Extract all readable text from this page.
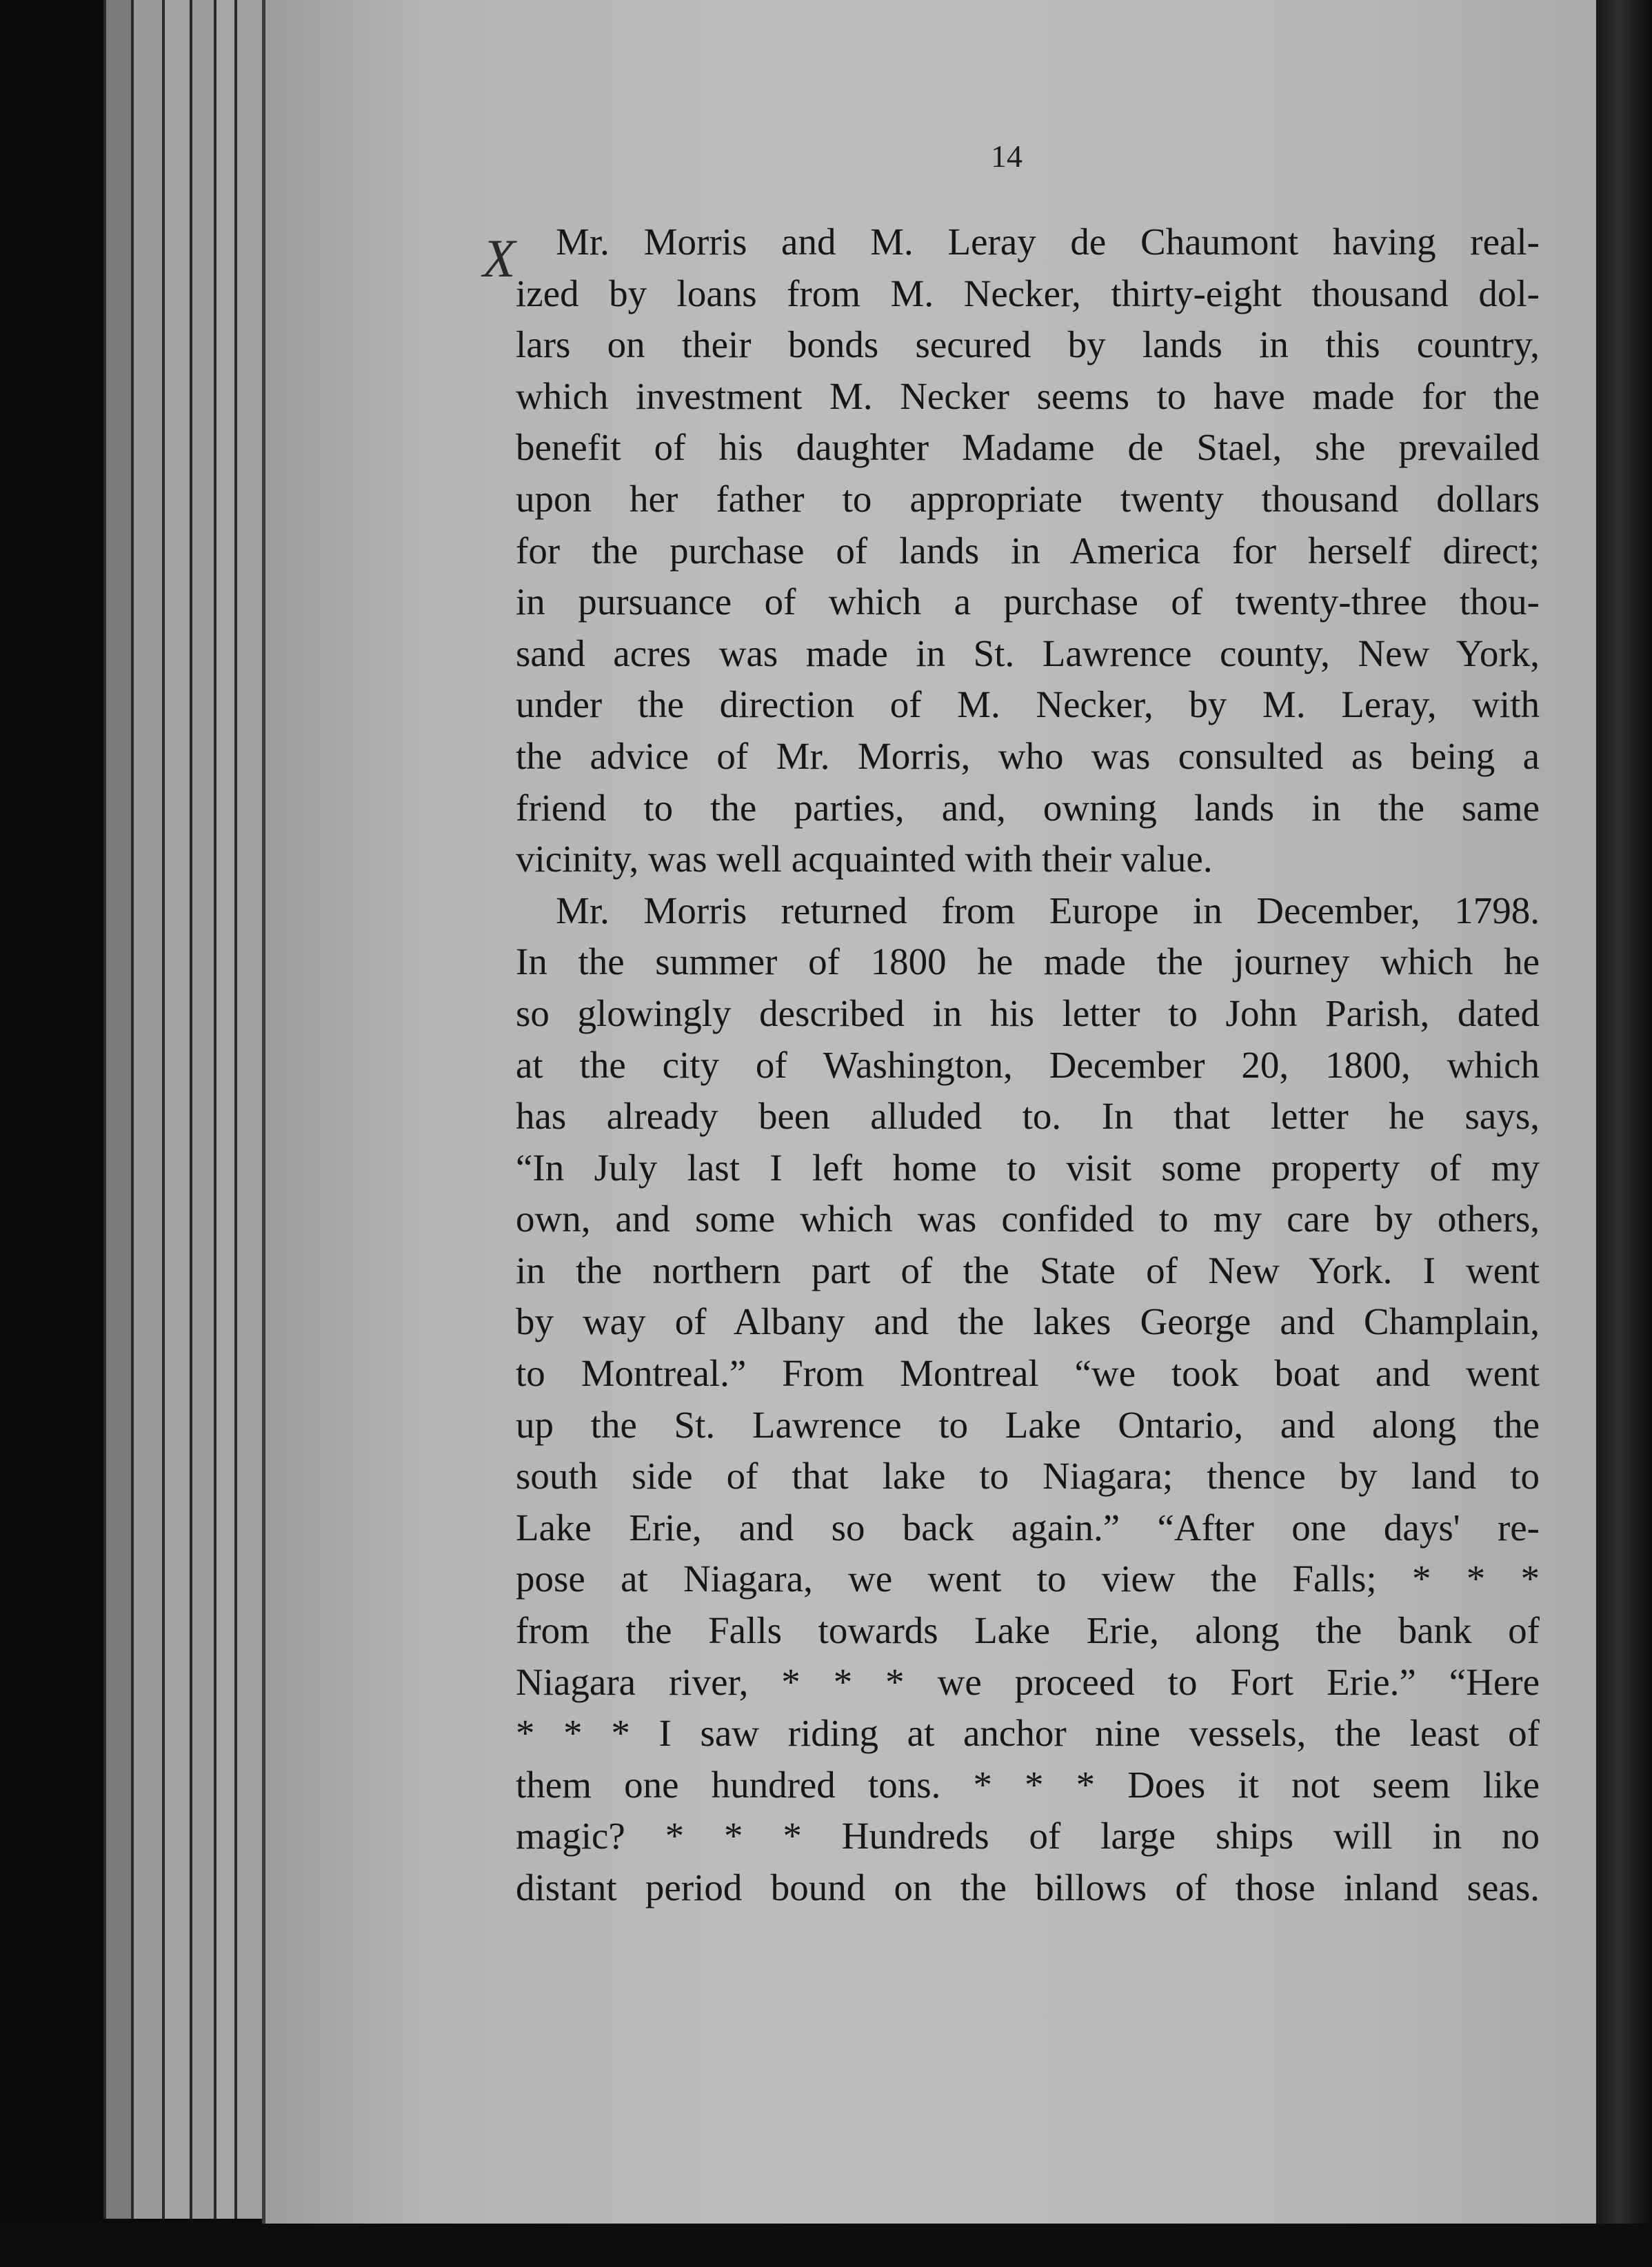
14
X	Mr. Morris and M. Leray de Chaumont having real-
ized by loans from M. Necker, thirty-eight thousand dol-
lars on their bonds secured by lands in this country,
which investment M. Necker seems to have made for the
benefit of his daughter Madame de Stael, she prevailed
upon her father to appropriate twenty thousand dollars
for the purchase of lands in America for herself direct;
in pursuance of which a purchase of twenty-three thou-
sand acres was made in St. Lawrence county, New York,
under the direction of M. Necker, by M. Leray, with
the advice of Mr. Morris, who was consulted as being a
friend to the parties, and, owning lands in the same
vicinity, was well acquainted with their value.

Mr. Morris returned from Europe in December, 1798.
In the summer of 1800 he made the journey which he
so glowingly described in his letter to John Parish, dated
at the city of Washington, December 20, 1800, which
has already been alluded to. In that letter he says,
“In July last I left home to visit some property of my
own, and some which was confided to my care by others,
in the northern part of the State of New York. I went
by way of Albany and the lakes George and Champlain,
to Montreal.” From Montreal “we took boat and went
up the St. Lawrence to Lake Ontario, and along the
south side of that lake to Niagara; thence by land to
Lake Erie, and so back again.” “After one days' re-
pose at Niagara, we went to view the Falls; * * *
from the Falls towards Lake Erie, along the bank of
Niagara river, * * * we proceed to Fort Erie.” “Here
* * * I saw riding at anchor nine vessels, the least of
them one hundred tons. * * * Does it not seem like
magic? * * * Hundreds of large ships will in no
distant period bound on the billows of those inland seas.
